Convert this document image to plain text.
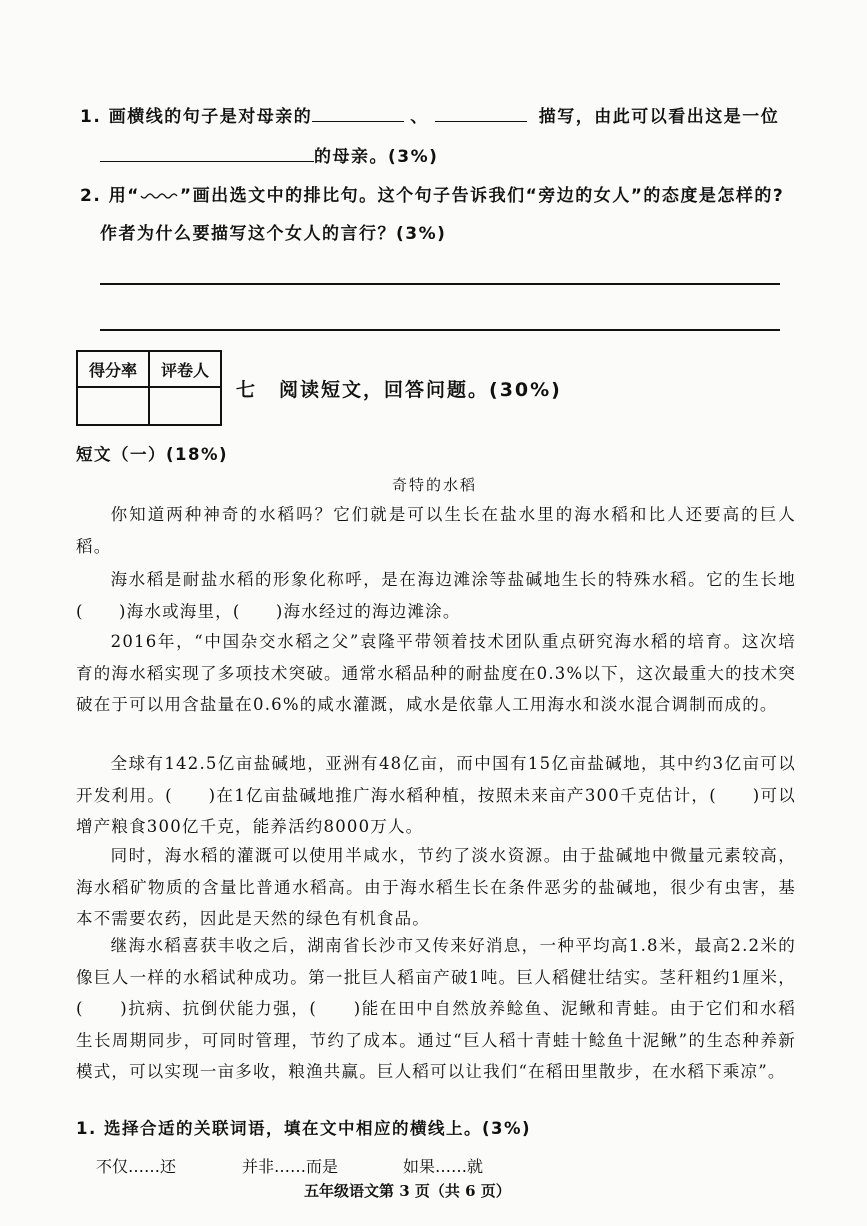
1. 画横线的句子是对母亲的	、	描写，由此可以看出这是一位
的母亲。(3%)
2. 用“ ”画出选文中的排比句。这个句子告诉我们“旁边的女人”的态度是怎样的?
作者为什么要描写这个女人的言行？(3%)
得分率	评卷人

七 阅读短文，回答问题。(30%)
短文（一）(18%)
奇特的水稻
你知道两种神奇的水稻吗？它们就是可以生长在盐水里的海水稻和比人还要高的巨人稻。
海水稻是耐盐水稻的形象化称呼，是在海边滩涂等盐碱地生长的特殊水稻。它的生长地(　　)海水或海里，(　　)海水经过的海边滩涂。
2016年，“中国杂交水稻之父”袁隆平带领着技术团队重点研究海水稻的培育。这次培育的海水稻实现了多项技术突破。通常水稻品种的耐盐度在0.3%以下，这次最重大的技术突破在于可以用含盐量在0.6%的咸水灌溉，咸水是依靠人工用海水和淡水混合调制而成的。
全球有142.5亿亩盐碱地，亚洲有48亿亩，而中国有15亿亩盐碱地，其中约3亿亩可以开发利用。(　　)在1亿亩盐碱地推广海水稻种植，按照未来亩产300千克估计，(　　)可以增产粮食300亿千克，能养活约8000万人。
同时，海水稻的灌溉可以使用半咸水，节约了淡水资源。由于盐碱地中微量元素较高，海水稻矿物质的含量比普通水稻高。由于海水稻生长在条件恶劣的盐碱地，很少有虫害，基本不需要农药，因此是天然的绿色有机食品。
继海水稻喜获丰收之后，湖南省长沙市又传来好消息，一种平均高1.8米，最高2.2米的像巨人一样的水稻试种成功。第一批巨人稻亩产破1吨。巨人稻健壮结实。茎秆粗约1厘米，(　　)抗病、抗倒伏能力强，(　　)能在田中自然放养鲶鱼、泥鳅和青蛙。由于它们和水稻生长周期同步，可同时管理，节约了成本。通过“巨人稻十青蛙十鲶鱼十泥鳅”的生态种养新模式，可以实现一亩多收，粮渔共赢。巨人稻可以让我们“在稻田里散步，在水稻下乘凉”。
1. 选择合适的关联词语，填在文中相应的横线上。(3%)
不仅……还	并非……而是	如果……就
五年级语文第 3 页（共 6 页）
